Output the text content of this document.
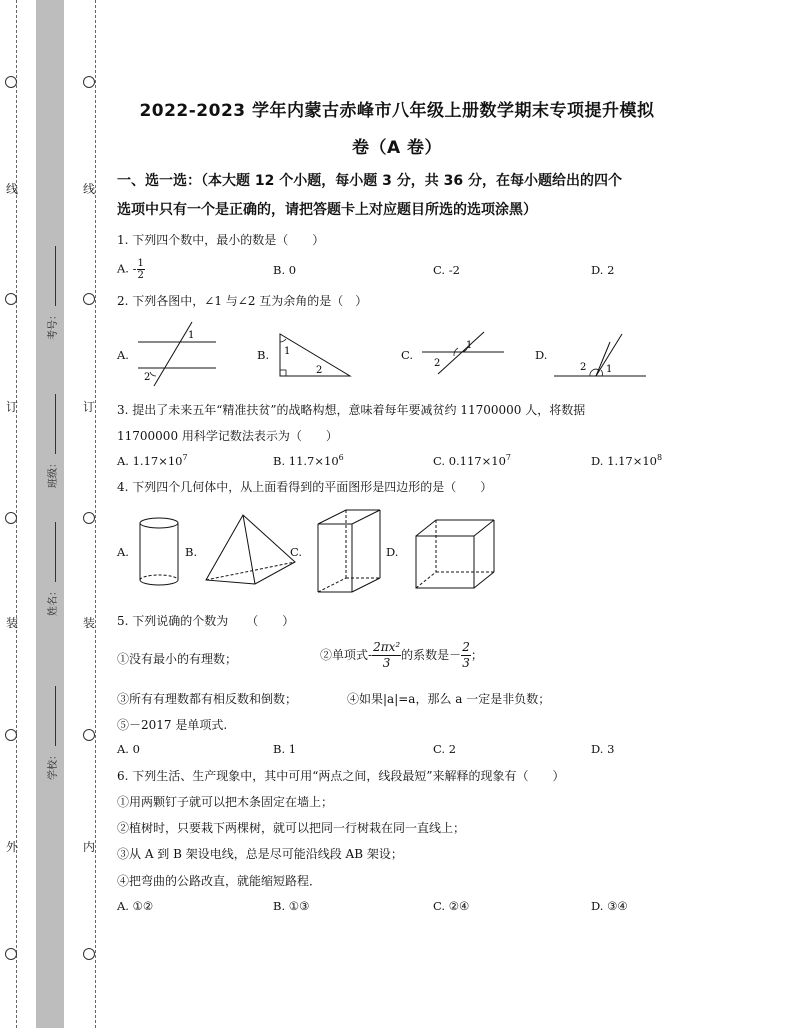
线
订
装
外
线
订
装
内
考号：
班级：
姓名：
学校：
2022-2023 学年内蒙古赤峰市八年级上册数学期末专项提升模拟
卷（A 卷）
一、选一选：（本大题 12 个小题，每小题 3 分，共 36 分，在每小题给出的四个
选项中只有一个是正确的，请把答题卡上对应题目所选的选项涂黑）
1. 下列四个数中，最小的数是（　　）
A. - $\frac{1}{2}$	B. 0	C. -2	D. 2
2. 下列各图中，∠1 与∠2 互为余角的是（　）
A.
1
2
B. 1
2
C.
1
2
D.
1
2
3. 提出了未来五年“精准扶贫”的战略构想，意味着每年要减贫约 11700000 人，将数据
11700000 用科学记数法表示为（　　）
A. $1.17\times 10^7$	B. $11.7\times 10^6$	C. $0.117\times 10^7$	D. $1.17\times 10^8$
4. 下列四个几何体中，从上面看得到的平面图形是四边形的是（　　）
A.	B.	C.	D.
5. 下列说确的个数为　　（　　）
①没有最小的有理数；	②单项式- $\frac{\text{2πx²}}{3}$ 的系数是－ $\frac{2}{3}$ ；
③所有有理数都有相反数和倒数；	④如果|a|=a，那么 a 一定是非负数；
⑤－2017 是单项式.
A. 0	B. 1	C. 2	D. 3
6. 下列生活、生产现象中，其中可用“两点之间，线段最短”来解释的现象有（　　）
①用两颗钉子就可以把木条固定在墙上；
②植树时，只要栽下两棵树，就可以把同一行树栽在同一直线上；
③从 A 到 B 架设电线，总是尽可能沿线段 AB 架设；
④把弯曲的公路改直，就能缩短路程．
A. ①②	B. ①③	C. ②④	D. ③④
